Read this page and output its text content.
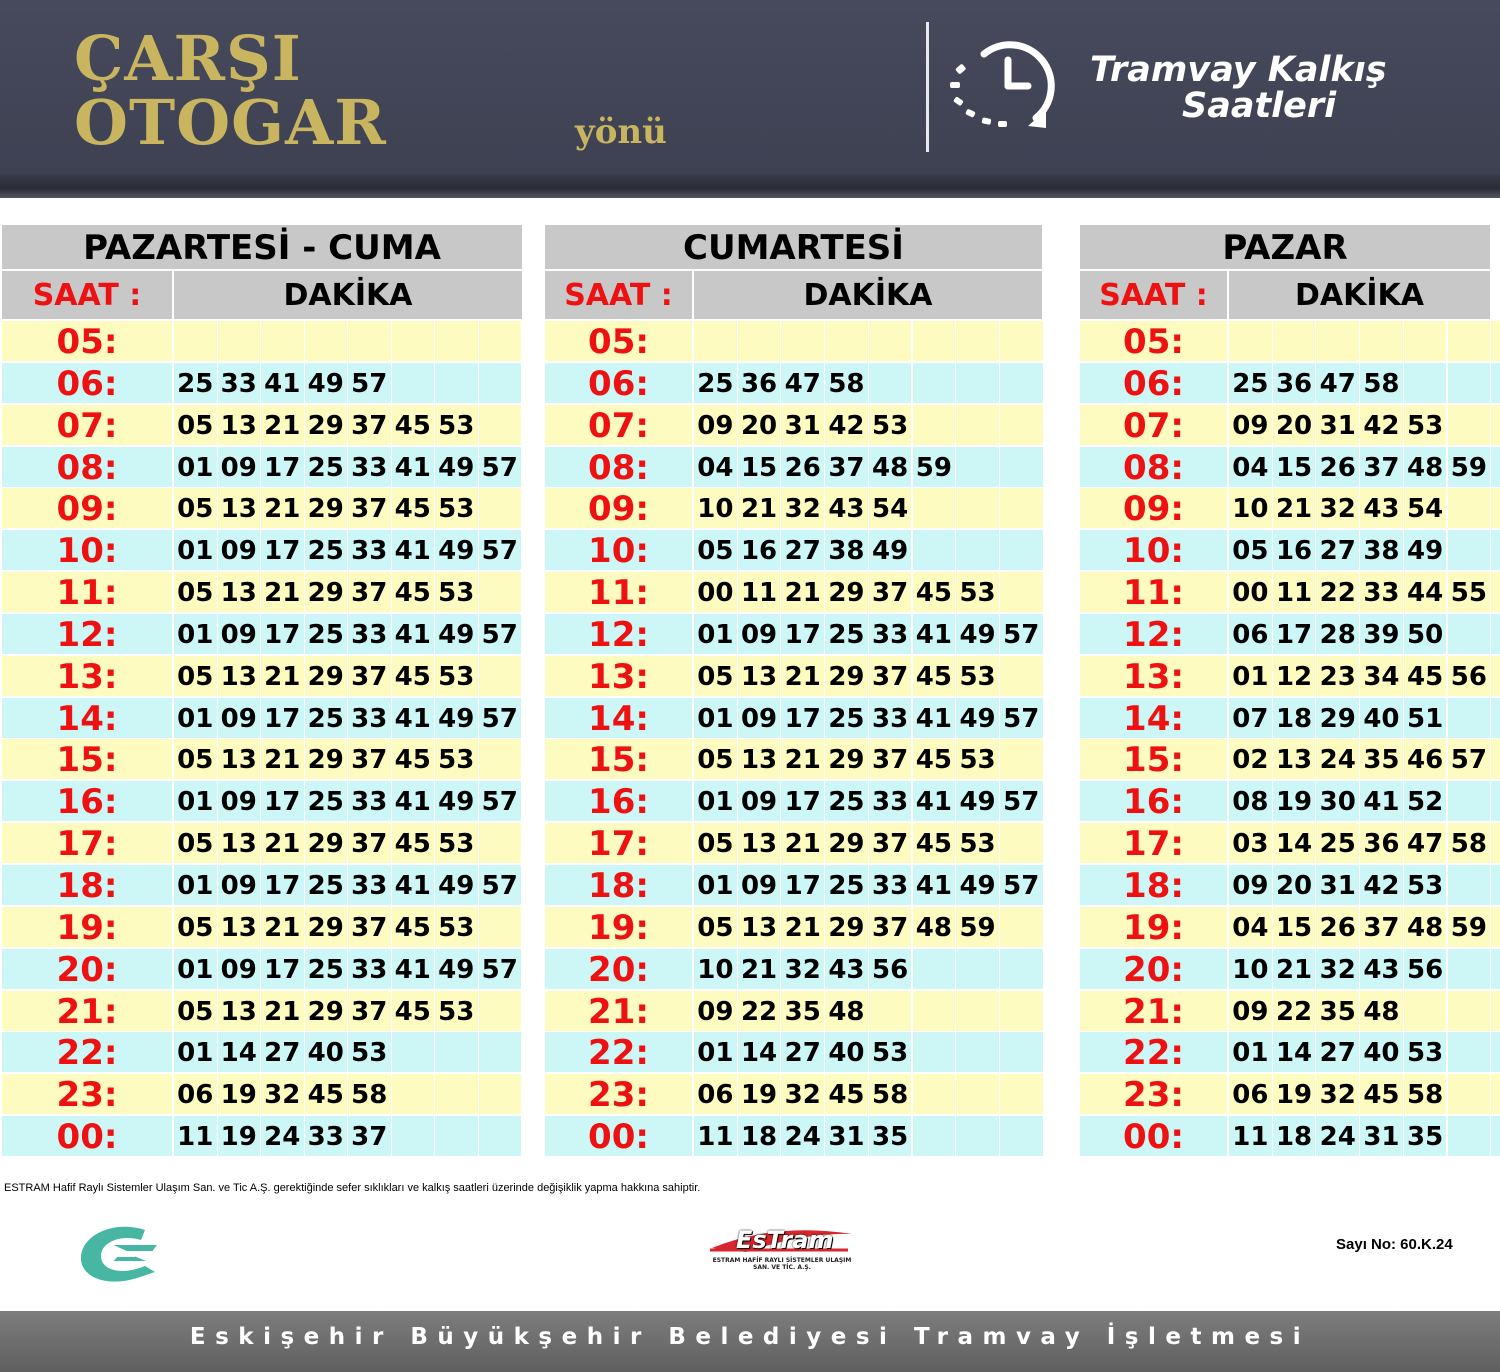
ÇARŞI
OTOGAR	yönü
Tramvay Kalkış
Saatleri
PAZARTESİ - CUMA
SAAT :	DAKİKA
05:
06:	25 33 41 49 57
07:	05 13 21 29 37 45 53
08:	01 09 17 25 33 41 49 57
09:	05 13 21 29 37 45 53
10:	01 09 17 25 33 41 49 57
11:	05 13 21 29 37 45 53
12:	01 09 17 25 33 41 49 57
13:	05 13 21 29 37 45 53
14:	01 09 17 25 33 41 49 57
15:	05 13 21 29 37 45 53
16:	01 09 17 25 33 41 49 57
17:	05 13 21 29 37 45 53
18:	01 09 17 25 33 41 49 57
19:	05 13 21 29 37 45 53
20:	01 09 17 25 33 41 49 57
21:	05 13 21 29 37 45 53
22:	01 14 27 40 53
23:	06 19 32 45 58
00:	11 19 24 33 37
CUMARTESİ
SAAT :	DAKİKA
05:
06:	25 36 47 58
07:	09 20 31 42 53
08:	04 15 26 37 48 59
09:	10 21 32 43 54
10:	05 16 27 38 49
11:	00 11 21 29 37 45 53
12:	01 09 17 25 33 41 49 57
13:	05 13 21 29 37 45 53
14:	01 09 17 25 33 41 49 57
15:	05 13 21 29 37 45 53
16:	01 09 17 25 33 41 49 57
17:	05 13 21 29 37 45 53
18:	01 09 17 25 33 41 49 57
19:	05 13 21 29 37 48 59
20:	10 21 32 43 56
21:	09 22 35 48
22:	01 14 27 40 53
23:	06 19 32 45 58
00:	11 18 24 31 35
PAZAR
SAAT :	DAKİKA
05:
06:	25 36 47 58
07:	09 20 31 42 53
08:	04 15 26 37 48 59
09:	10 21 32 43 54
10:	05 16 27 38 49
11:	00 11 22 33 44 55
12:	06 17 28 39 50
13:	01 12 23 34 45 56
14:	07 18 29 40 51
15:	02 13 24 35 46 57
16:	08 19 30 41 52
17:	03 14 25 36 47 58
18:	09 20 31 42 53
19:	04 15 26 37 48 59
20:	10 21 32 43 56
21:	09 22 35 48
22:	01 14 27 40 53
23:	06 19 32 45 58
00:	11 18 24 31 35
ESTRAM Hafif Raylı Sistemler Ulaşım San. ve Tic A.Ş. gerektiğinde sefer sıklıkları ve kalkış saatleri üzerinde değişiklik yapma hakkına sahiptir.
EsTram
ESTRAM HAFİF RAYLI SİSTEMLER ULAŞIM
SAN. VE TİC. A.Ş.
Sayı No: 60.K.24
Eskişehir Büyükşehir Belediyesi Tramvay İşletmesi
